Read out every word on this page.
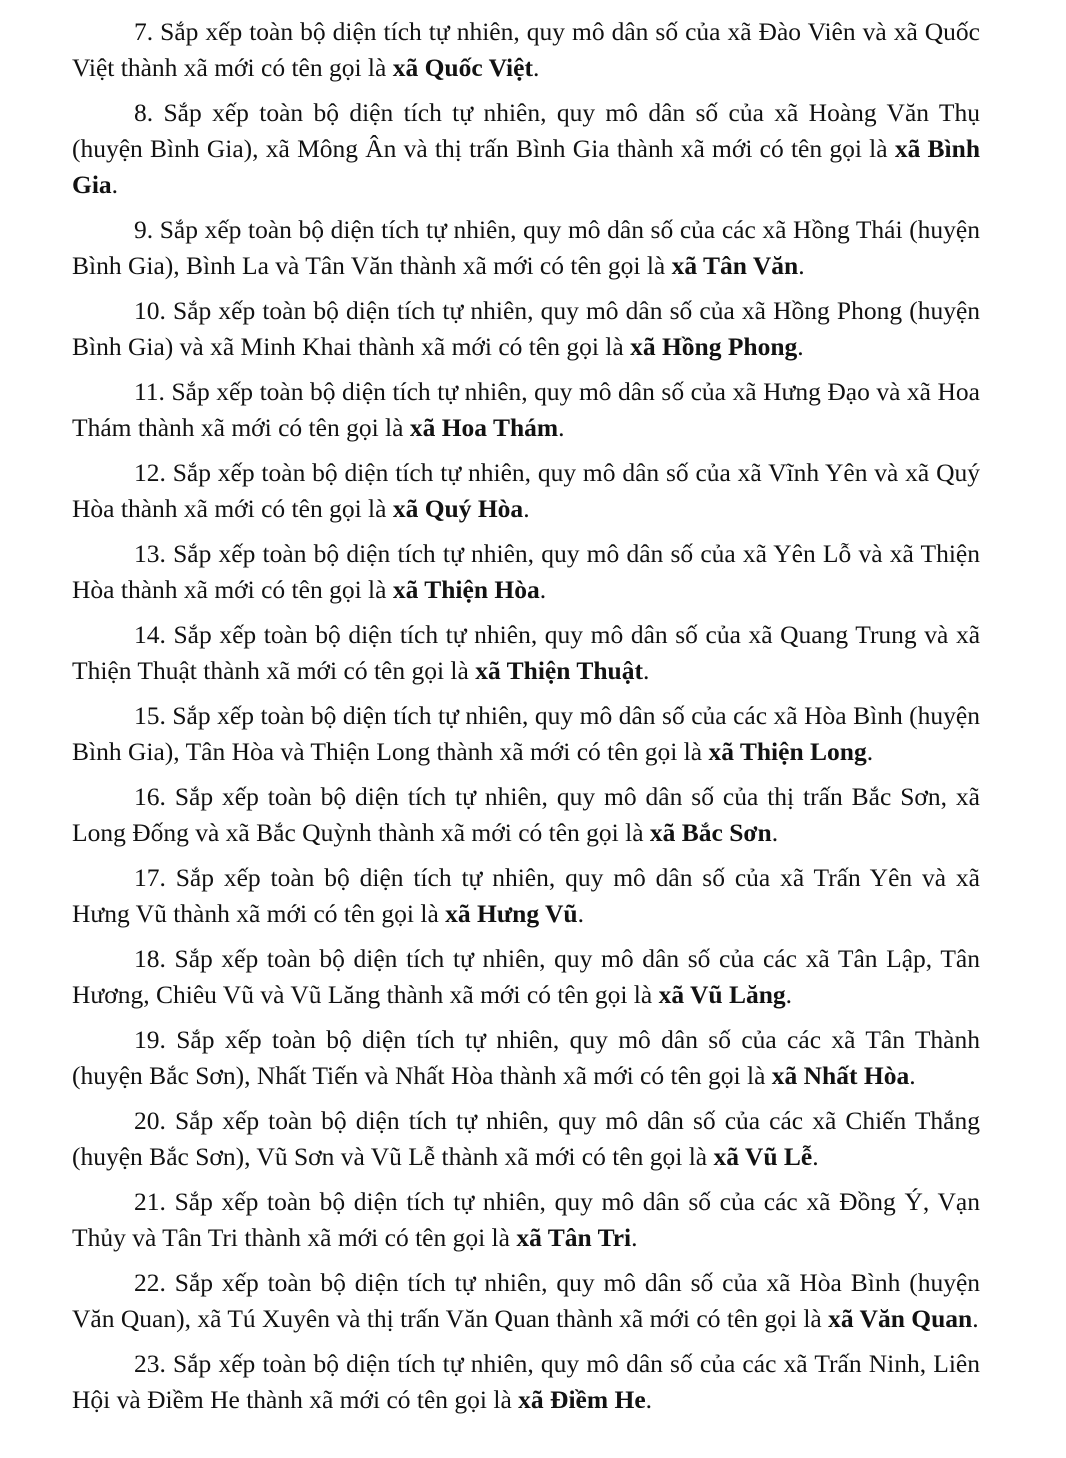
7. Sắp xếp toàn bộ diện tích tự nhiên, quy mô dân số của xã Đào Viên và xã Quốc Việt thành xã mới có tên gọi là xã Quốc Việt.

8. Sắp xếp toàn bộ diện tích tự nhiên, quy mô dân số của xã Hoàng Văn Thụ (huyện Bình Gia), xã Mông Ân và thị trấn Bình Gia thành xã mới có tên gọi là xã Bình Gia.

9. Sắp xếp toàn bộ diện tích tự nhiên, quy mô dân số của các xã Hồng Thái (huyện Bình Gia), Bình La và Tân Văn thành xã mới có tên gọi là xã Tân Văn.

10. Sắp xếp toàn bộ diện tích tự nhiên, quy mô dân số của xã Hồng Phong (huyện Bình Gia) và xã Minh Khai thành xã mới có tên gọi là xã Hồng Phong.

11. Sắp xếp toàn bộ diện tích tự nhiên, quy mô dân số của xã Hưng Đạo và xã Hoa Thám thành xã mới có tên gọi là xã Hoa Thám.

12. Sắp xếp toàn bộ diện tích tự nhiên, quy mô dân số của xã Vĩnh Yên và xã Quý Hòa thành xã mới có tên gọi là xã Quý Hòa.

13. Sắp xếp toàn bộ diện tích tự nhiên, quy mô dân số của xã Yên Lỗ và xã Thiện Hòa thành xã mới có tên gọi là xã Thiện Hòa.

14. Sắp xếp toàn bộ diện tích tự nhiên, quy mô dân số của xã Quang Trung và xã Thiện Thuật thành xã mới có tên gọi là xã Thiện Thuật.

15. Sắp xếp toàn bộ diện tích tự nhiên, quy mô dân số của các xã Hòa Bình (huyện Bình Gia), Tân Hòa và Thiện Long thành xã mới có tên gọi là xã Thiện Long.

16. Sắp xếp toàn bộ diện tích tự nhiên, quy mô dân số của thị trấn Bắc Sơn, xã Long Đống và xã Bắc Quỳnh thành xã mới có tên gọi là xã Bắc Sơn.

17. Sắp xếp toàn bộ diện tích tự nhiên, quy mô dân số của xã Trấn Yên và xã Hưng Vũ thành xã mới có tên gọi là xã Hưng Vũ.

18. Sắp xếp toàn bộ diện tích tự nhiên, quy mô dân số của các xã Tân Lập, Tân Hương, Chiêu Vũ và Vũ Lăng thành xã mới có tên gọi là xã Vũ Lăng.

19. Sắp xếp toàn bộ diện tích tự nhiên, quy mô dân số của các xã Tân Thành (huyện Bắc Sơn), Nhất Tiến và Nhất Hòa thành xã mới có tên gọi là xã Nhất Hòa.

20. Sắp xếp toàn bộ diện tích tự nhiên, quy mô dân số của các xã Chiến Thắng (huyện Bắc Sơn), Vũ Sơn và Vũ Lễ thành xã mới có tên gọi là xã Vũ Lễ.

21. Sắp xếp toàn bộ diện tích tự nhiên, quy mô dân số của các xã Đồng Ý, Vạn Thủy và Tân Tri thành xã mới có tên gọi là xã Tân Tri.

22. Sắp xếp toàn bộ diện tích tự nhiên, quy mô dân số của xã Hòa Bình (huyện Văn Quan), xã Tú Xuyên và thị trấn Văn Quan thành xã mới có tên gọi là xã Văn Quan.

23. Sắp xếp toàn bộ diện tích tự nhiên, quy mô dân số của các xã Trấn Ninh, Liên Hội và Điềm He thành xã mới có tên gọi là xã Điềm He.
